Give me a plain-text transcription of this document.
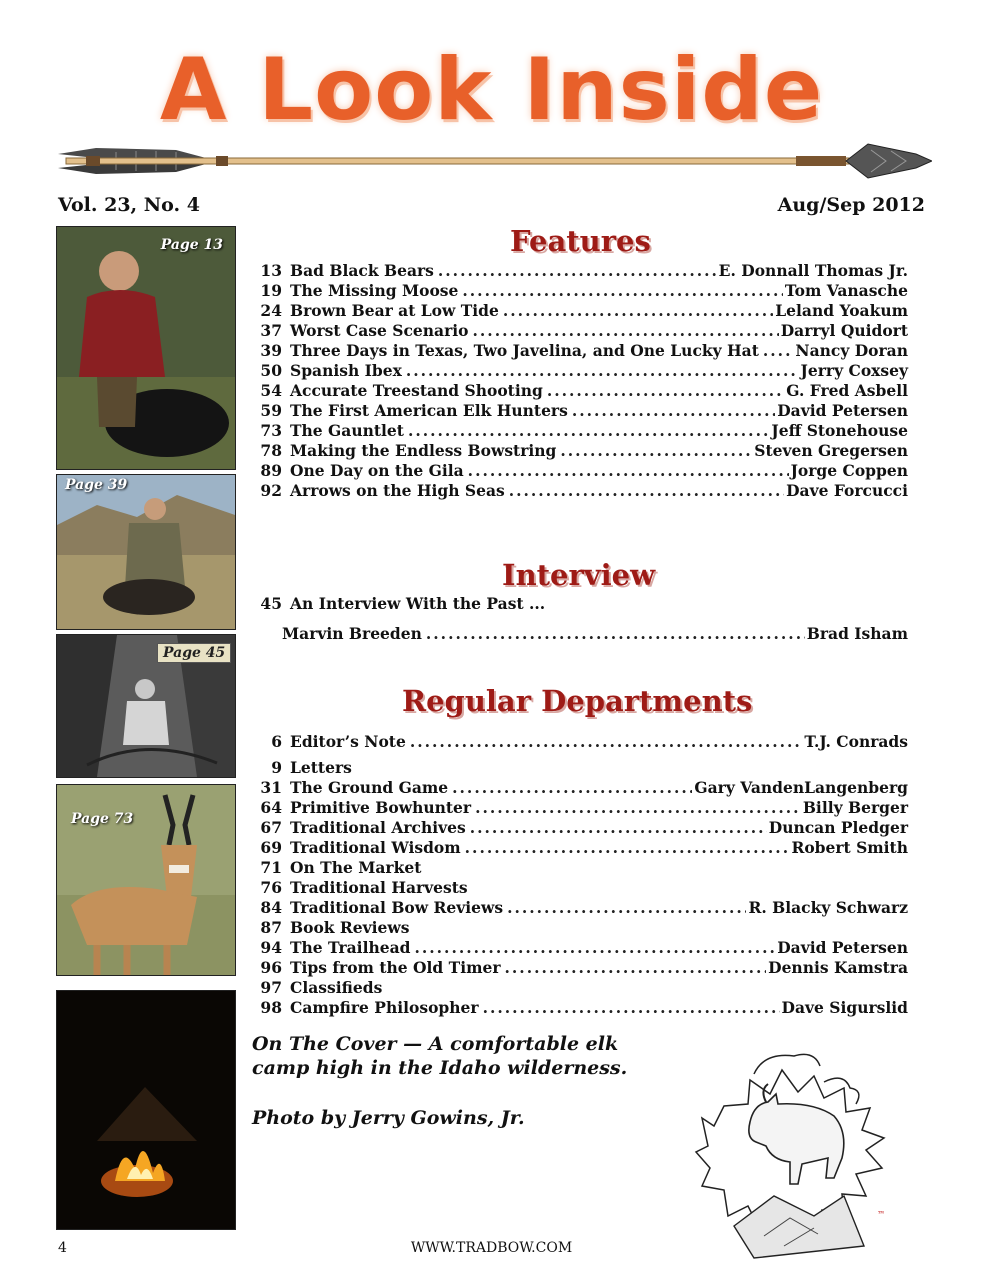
A Look Inside
Vol. 23, No. 4	Aug/Sep 2012
Page 13
Page 39
Page 45
Page 73
Features
13 Bad Black Bears .....	E. Donnall Thomas Jr.
19 The Missing Moose .....	Tom Vanasche
24 Brown Bear at Low Tide .....	Leland Yoakum
37 Worst Case Scenario .....	Darryl Quidort
39 Three Days in Texas, Two Javelina, and One Lucky Hat ..... Nancy Doran
50 Spanish Ibex .....	Jerry Coxsey
54 Accurate Treestand Shooting .....	G. Fred Asbell
59 The First American Elk Hunters .....	David Petersen
73 The Gauntlet .....	Jeff Stonehouse
78 Making the Endless Bowstring .....	Steven Gregersen
89 One Day on the Gila .....	Jorge Coppen
92 Arrows on the High Seas .....	Dave Forcucci
Interview
45 An Interview With the Past ...
Marvin Breeden .....	Brad Isham
Regular Departments
6 Editor’s Note .....	T.J. Conrads
9 Letters
31 The Ground Game .....	Gary VandenLangenberg
64 Primitive Bowhunter .....	Billy Berger
67 Traditional Archives .....	Duncan Pledger
69 Traditional Wisdom .....	Robert Smith
71 On The Market
76 Traditional Harvests
84 Traditional Bow Reviews .....	R. Blacky Schwarz
87 Book Reviews
94 The Trailhead .....	David Petersen
96 Tips from the Old Timer .....	Dennis Kamstra
97 Classifieds
98 Campfire Philosopher .....	Dave Sigurslid
On The Cover — A comfortable elk camp high in the Idaho wilderness.
Photo by Jerry Gowins, Jr.
™
4	WWW.TRADBOW.COM
